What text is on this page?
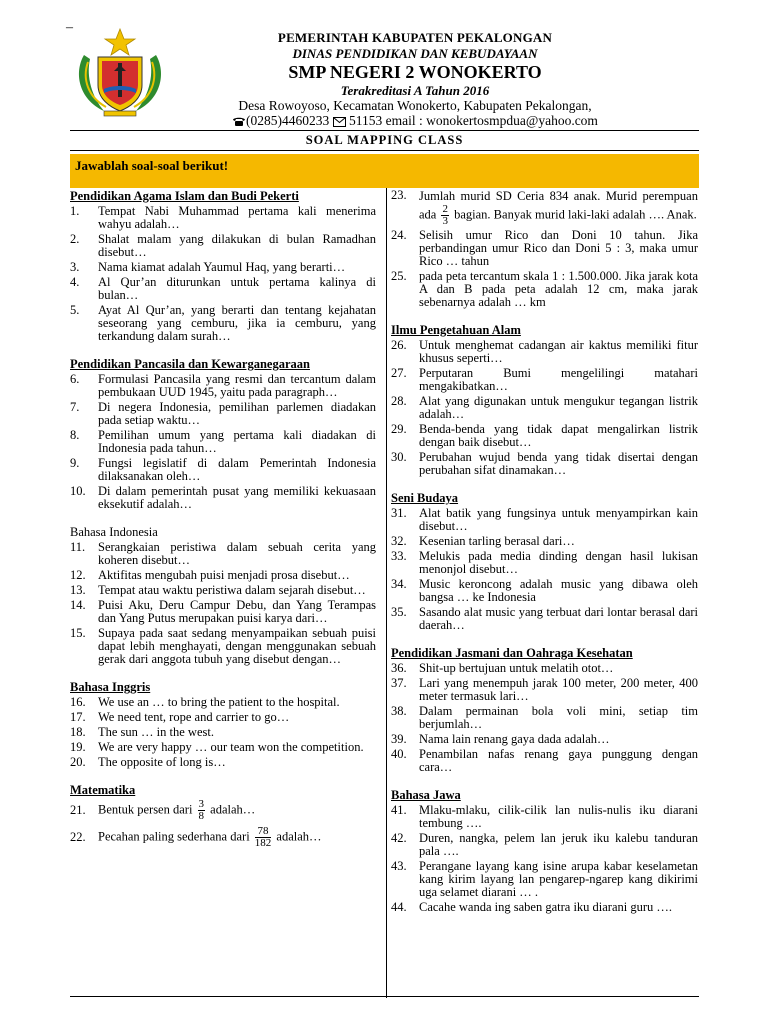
–
PEMERINTAH KABUPATEN PEKALONGAN
DINAS PENDIDIKAN DAN KEBUDAYAAN
SMP NEGERI 2 WONOKERTO
Terakreditasi A Tahun 2016
Desa Rowoyoso, Kecamatan Wonokerto, Kabupaten Pekalongan,
(0285)4460233 51153 email : wonokertosmpdua@yahoo.com
SOAL MAPPING CLASS
Jawablah soal-soal berikut!
Pendidikan Agama Islam dan Budi Pekerti
1.	Tempat Nabi Muhammad pertama kali menerima wahyu adalah…
2.	Shalat malam yang dilakukan di bulan Ramadhan disebut…
3.	Nama kiamat adalah Yaumul Haq, yang berarti…
4.	Al Qur’an diturunkan untuk pertama kalinya di bulan…
5.	Ayat Al Qur’an, yang berarti dan tentang kejahatan seseorang yang cemburu, jika ia cemburu, yang terkandung dalam surah…
Pendidikan Pancasila dan Kewarganegaraan
6.	Formulasi Pancasila yang resmi dan tercantum dalam pembukaan UUD 1945, yaitu pada paragraph…
7.	Di negera Indonesia, pemilihan parlemen diadakan pada setiap waktu…
8.	Pemilihan umum yang pertama kali diadakan di Indonesia pada tahun…
9.	Fungsi legislatif di dalam Pemerintah Indonesia dilaksanakan oleh…
10. Di dalam pemerintah pusat yang memiliki kekuasaan eksekutif adalah…
Bahasa Indonesia
11.	Serangkaian peristiwa dalam sebuah cerita yang koheren disebut…
12. Aktifitas mengubah puisi menjadi prosa disebut…
13. Tempat atau waktu peristiwa dalam sejarah disebut…
14. Puisi Aku, Deru Campur Debu, dan Yang Terampas dan Yang Putus merupakan puisi karya dari…
15. Supaya pada saat sedang menyampaikan sebuah puisi dapat lebih menghayati, dengan menggunakan sebuah gerak dari anggota tubuh yang disebut dengan…
Bahasa Inggris
16. We use an … to bring the patient to the hospital.
17. We need tent, rope and carrier to go…
18. The sun … in the west.
19. We are very happy … our team won the competition.
20. The opposite of long is…
Matematika
21. Bentuk persen dari $\frac{3}{8}$ adalah…
22. Pecahan paling sederhana dari $\frac{78}{182}$ adalah…
23. Jumlah murid SD Ceria 834 anak. Murid perempuan ada $\frac{2}{3}$ bagian. Banyak murid laki-laki adalah …. Anak.
24. Selisih umur Rico dan Doni 10 tahun. Jika perbandingan umur Rico dan Doni 5 : 3, maka umur Rico … tahun
25. pada peta tercantum skala 1 : 1.500.000. Jika jarak kota A dan B pada peta adalah 12 cm, maka jarak sebenarnya adalah … km
Ilmu Pengetahuan Alam
26. Untuk menghemat cadangan air kaktus memiliki fitur khusus seperti…
27. Perputaran Bumi mengelilingi matahari mengakibatkan…
28. Alat yang digunakan untuk mengukur tegangan listrik adalah…
29. Benda-benda yang tidak dapat mengalirkan listrik dengan baik disebut…
30. Perubahan wujud benda yang tidak disertai dengan perubahan sifat dinamakan…
Seni Budaya
31. Alat batik yang fungsinya untuk menyampirkan kain disebut…
32. Kesenian tarling berasal dari…
33. Melukis pada media dinding dengan hasil lukisan menonjol disebut…
34. Music keroncong adalah music yang dibawa oleh bangsa … ke Indonesia
35. Sasando alat music yang terbuat dari lontar berasal dari daerah…
Pendidikan Jasmani dan Oahraga Kesehatan
36. Shit-up bertujuan untuk melatih otot…
37. Lari yang menempuh jarak 100 meter, 200 meter, 400 meter termasuk lari…
38. Dalam permainan bola voli mini, setiap tim berjumlah…
39. Nama lain renang gaya dada adalah…
40. Penambilan nafas renang gaya punggung dengan cara…
Bahasa Jawa
41. Mlaku-mlaku, cilik-cilik lan nulis-nulis iku diarani tembung ….
42. Duren, nangka, pelem lan jeruk iku kalebu tanduran pala ….
43. Perangane layang kang isine arupa kabar keselametan kang kirim layang lan pengarep-ngarep kang dikirimi uga selamet diarani … .
44. Cacahe wanda ing saben gatra iku diarani guru ….
